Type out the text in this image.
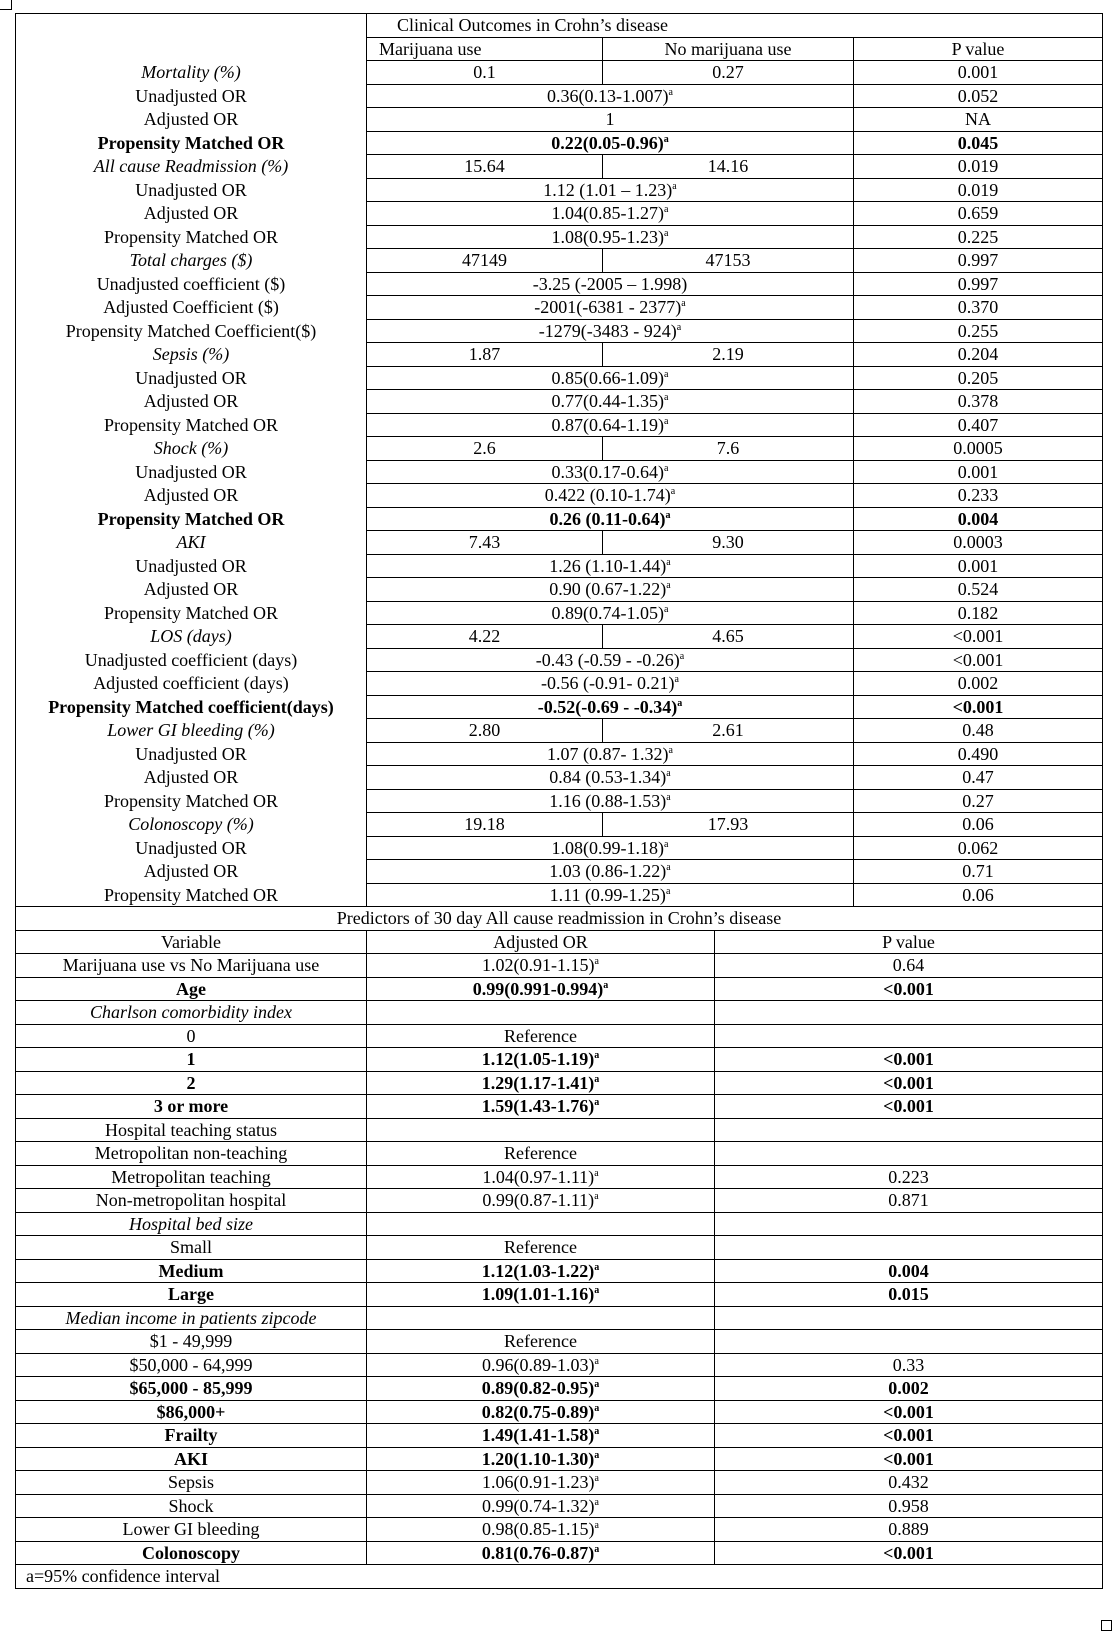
	Clinical Outcomes in Crohn’s disease		
	Marijuana use	No marijuana use	P value
Mortality (%)	0.1	0.27	0.001
Unadjusted OR	$0.36(0.13-1.007)^a$		0.052
Adjusted OR	1		NA
Propensity Matched OR	$0.22(0.05-0.96)^a$		0.045
All cause Readmission (%)	15.64	14.16	0.019
Unadjusted OR	1.12 (1.01 – 1.23)$^a$		0.019
Adjusted OR	$1.04(0.85-1.27)^a$		0.659
Propensity Matched OR	$1.08(0.95-1.23)^a$		0.225
Total charges ($)	47149	47153	0.997
Unadjusted coefficient ($)	-3.25 (-2005 – 1.998)		0.997
Adjusted Coefficient ($)	-2001(-6381 - 2377)$^a$		0.370
Propensity Matched Coefficient($)	-1279(-3483 - 924)$^a$		0.255
Sepsis (%)	1.87	2.19	0.204
Unadjusted OR	$0.85(0.66-1.09)^a$		0.205
Adjusted OR	$0.77(0.44-1.35)^a$		0.378
Propensity Matched OR	$0.87(0.64-1.19)^a$		0.407
Shock (%)	2.6	7.6	0.0005
Unadjusted OR	$0.33(0.17-0.64)^a$		0.001
Adjusted OR	0.422 $(0.10-1.74)^a$		0.233
Propensity Matched OR	0.26 $(0.11-0.64)^a$		0.004
AKI	7.43	9.30	0.0003
Unadjusted OR	1.26 $(1.10-1.44)^a$		0.001
Adjusted OR	0.90 $(0.67-1.22)^a$		0.524
Propensity Matched OR	$0.89(0.74-1.05)^a$		0.182
LOS (days)	4.22	4.65	<0.001
Unadjusted coefficient (days)	-0.43 (-0.59 - -0.26)$^a$		<0.001
Adjusted coefficient (days)	-0.56 (-0.91- 0.21)$^a$		0.002
Propensity Matched coefficient(days)	-0.52(-0.69 - -0.34)$^a$		<0.001
Lower GI bleeding (%)	2.80	2.61	0.48
Unadjusted OR	1.07 (0.87- 1.32)$^a$		0.490
Adjusted OR	0.84 $(0.53-1.34)^a$		0.47
Propensity Matched OR	1.16 $(0.88-1.53)^a$		0.27
Colonoscopy (%)	19.18	17.93	0.06
Unadjusted OR	$1.08(0.99-1.18)^a$		0.062
Adjusted OR	1.03 $(0.86-1.22)^a$		0.71
Propensity Matched OR	1.11 $(0.99-1.25)^a$		0.06
Predictors of 30 day All cause readmission in Crohn’s disease			
Variable	Adjusted OR	P value
Marijuana use vs No Marijuana use	$1.02(0.91-1.15)^a$	0.64
Age	$0.99(0.991-0.994)^a$	<0.001
Charlson comorbidity index		
0	Reference	
1	$1.12(1.05-1.19)^a$	<0.001
2	$1.29(1.17-1.41)^a$	<0.001
3 or more	$1.59(1.43-1.76)^a$	<0.001
Hospital teaching status		
Metropolitan non-teaching	Reference	
Metropolitan teaching	$1.04(0.97-1.11)^a$	0.223
Non-metropolitan hospital	$0.99(0.87-1.11)^a$	0.871
Hospital bed size		
Small	Reference	
Medium	$1.12(1.03-1.22)^a$	0.004
Large	$1.09(1.01-1.16)^a$	0.015
Median income in patients zipcode		
$1 - 49,999	Reference	
$50,000 - 64,999	$0.96(0.89-1.03)^a$	0.33
$65,000 - 85,999	$0.89(0.82-0.95)^a$	0.002
$86,000+	$0.82(0.75-0.89)^a$	<0.001
Frailty	$1.49(1.41-1.58)^a$	<0.001
AKI	$1.20(1.10-1.30)^a$	<0.001
Sepsis	$1.06(0.91-1.23)^a$	0.432
Shock	$0.99(0.74-1.32)^a$	0.958
Lower GI bleeding	$0.98(0.85-1.15)^a$	0.889
Colonoscopy	$0.81(0.76-0.87)^a$	<0.001
a=95% confidence interval		
